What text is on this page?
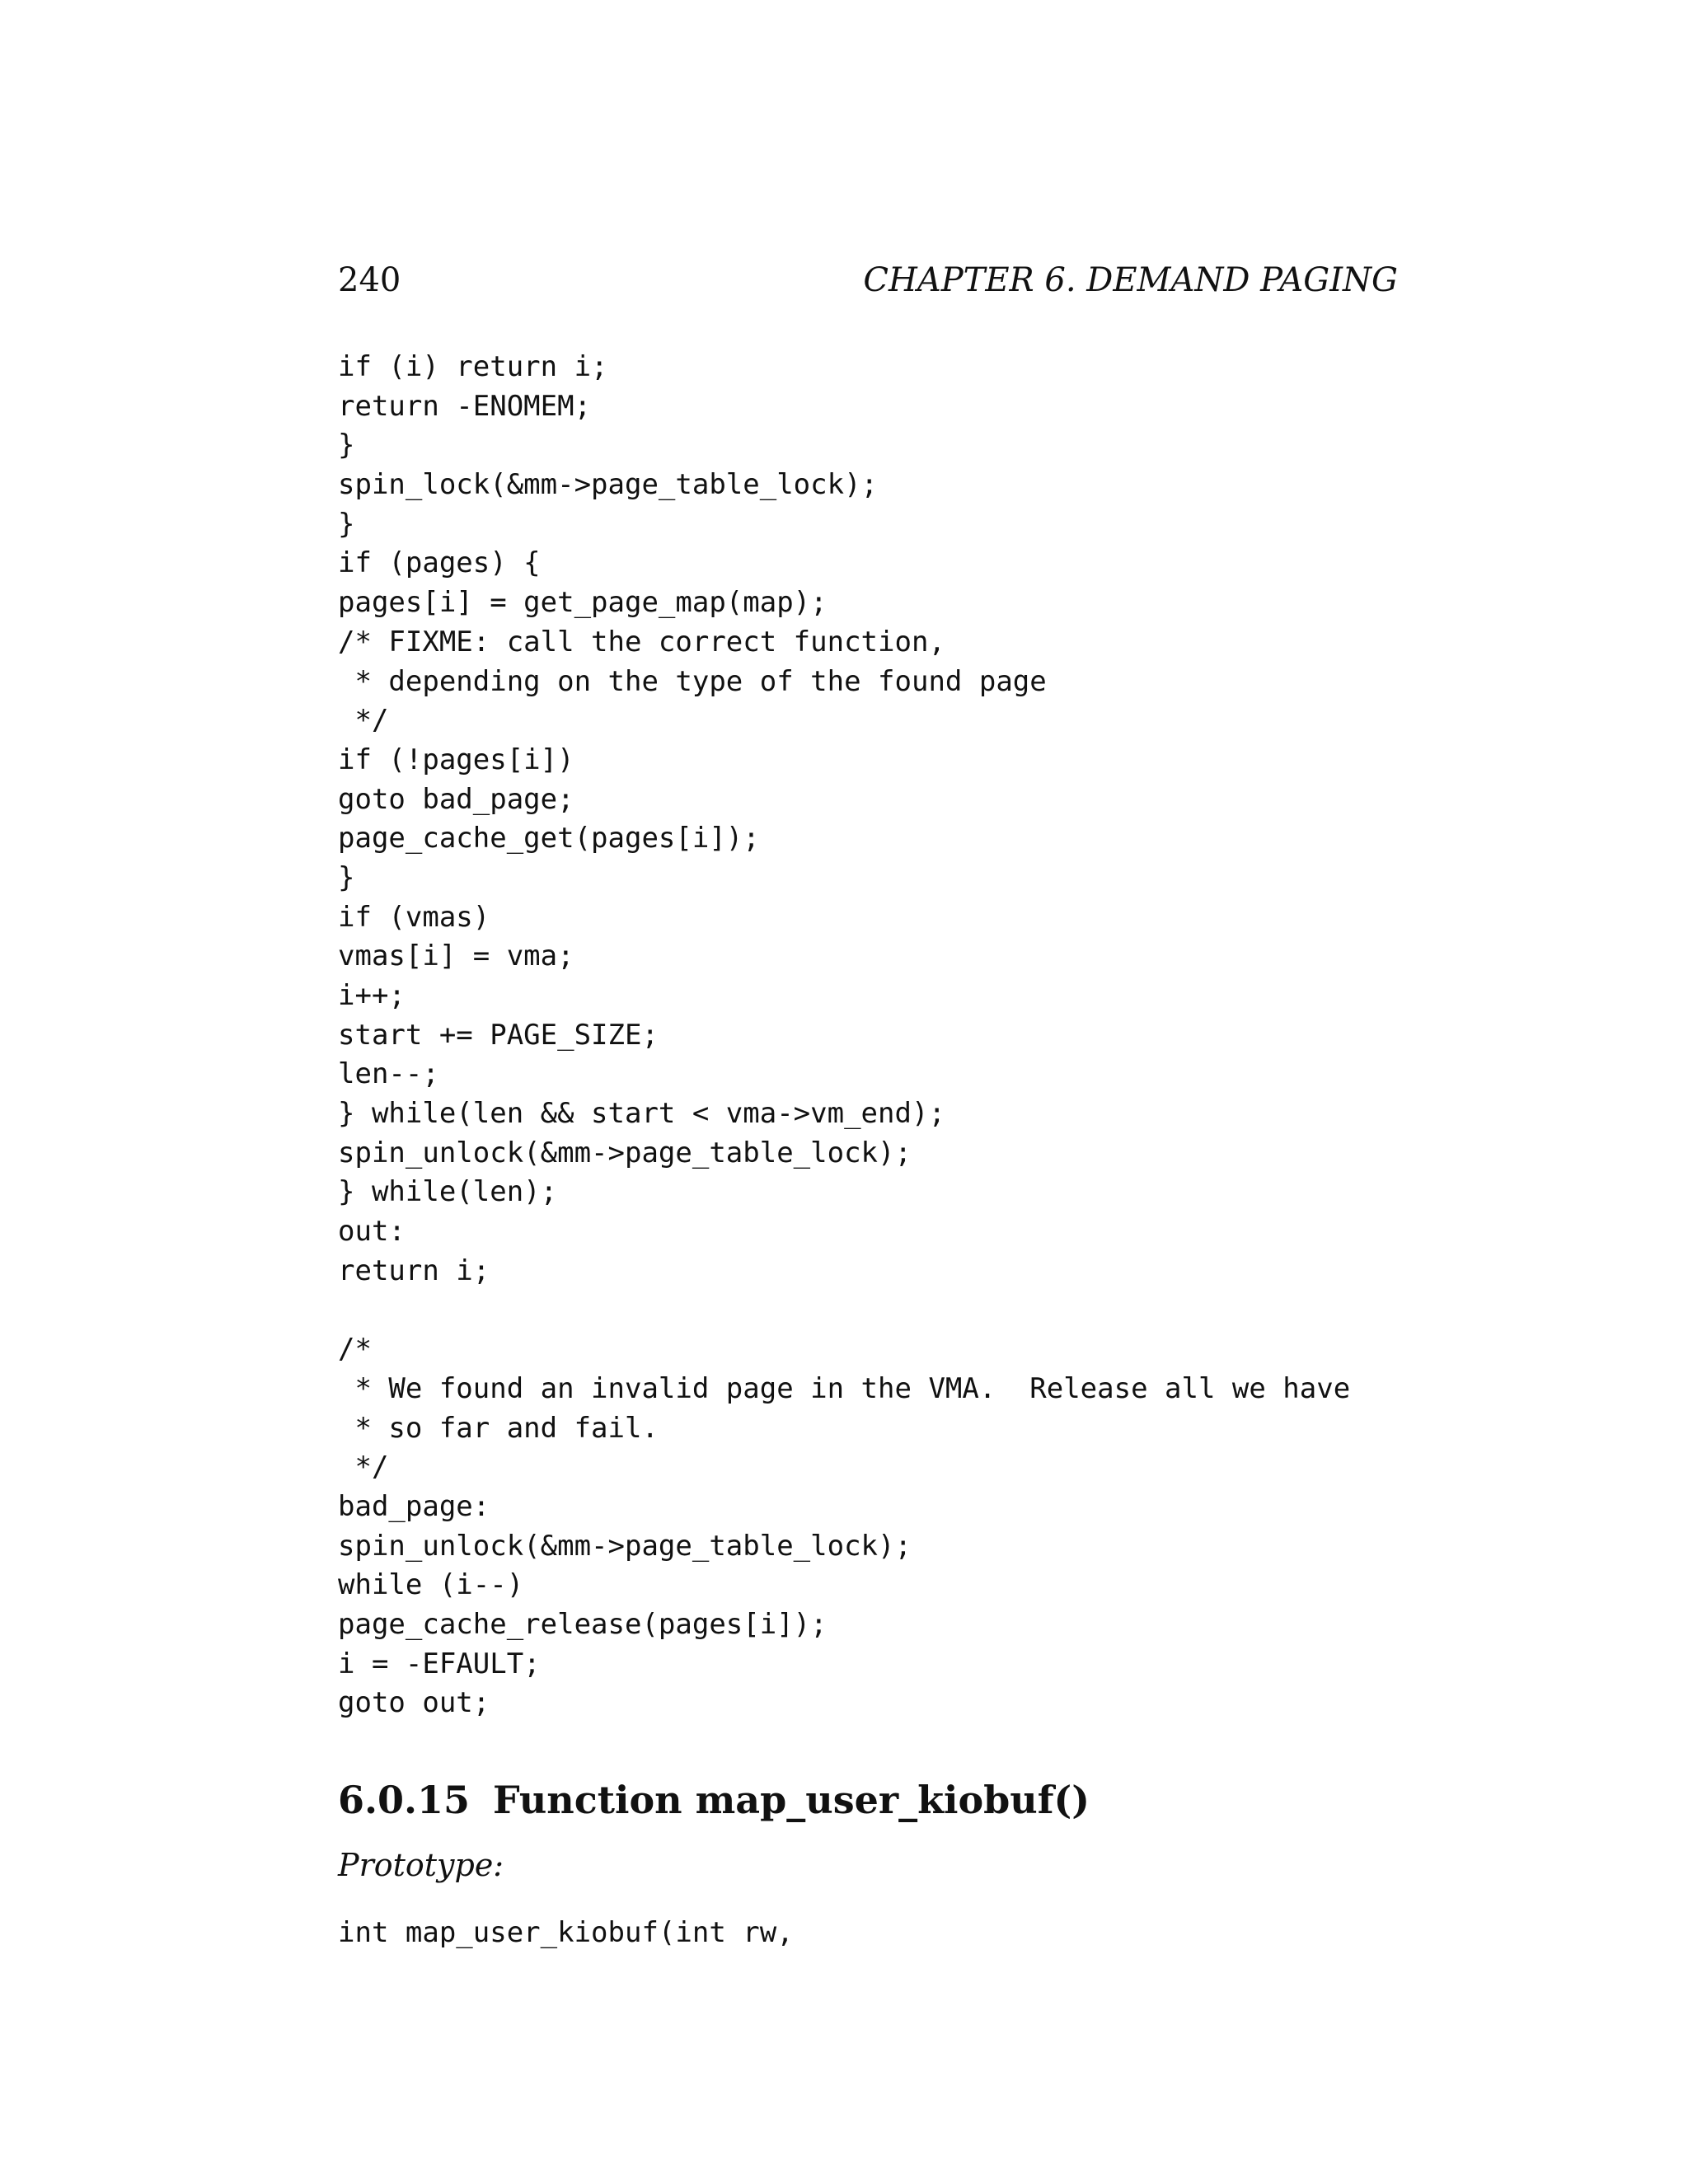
240	CHAPTER 6. DEMAND PAGING
if (i) return i;
return -ENOMEM;
}
spin_lock(&mm->page_table_lock);
}
if (pages) {
pages[i] = get_page_map(map);
/* FIXME: call the correct function,
* depending on the type of the found page
*/
if (!pages[i])
goto bad_page;
page_cache_get(pages[i]);
}
if (vmas)
vmas[i] = vma;
i++;
start += PAGE_SIZE;
len--;
} while(len && start < vma->vm_end);
spin_unlock(&mm->page_table_lock);
} while(len);
out:
return i;
/*
* We found an invalid page in the VMA.  Release all we have
* so far and fail.
*/
bad_page:
spin_unlock(&mm->page_table_lock);
while (i--)
page_cache_release(pages[i]);
i = -EFAULT;
goto out;
6.0.15 Function map_user_kiobuf()
Prototype:
int map_user_kiobuf(int rw,
